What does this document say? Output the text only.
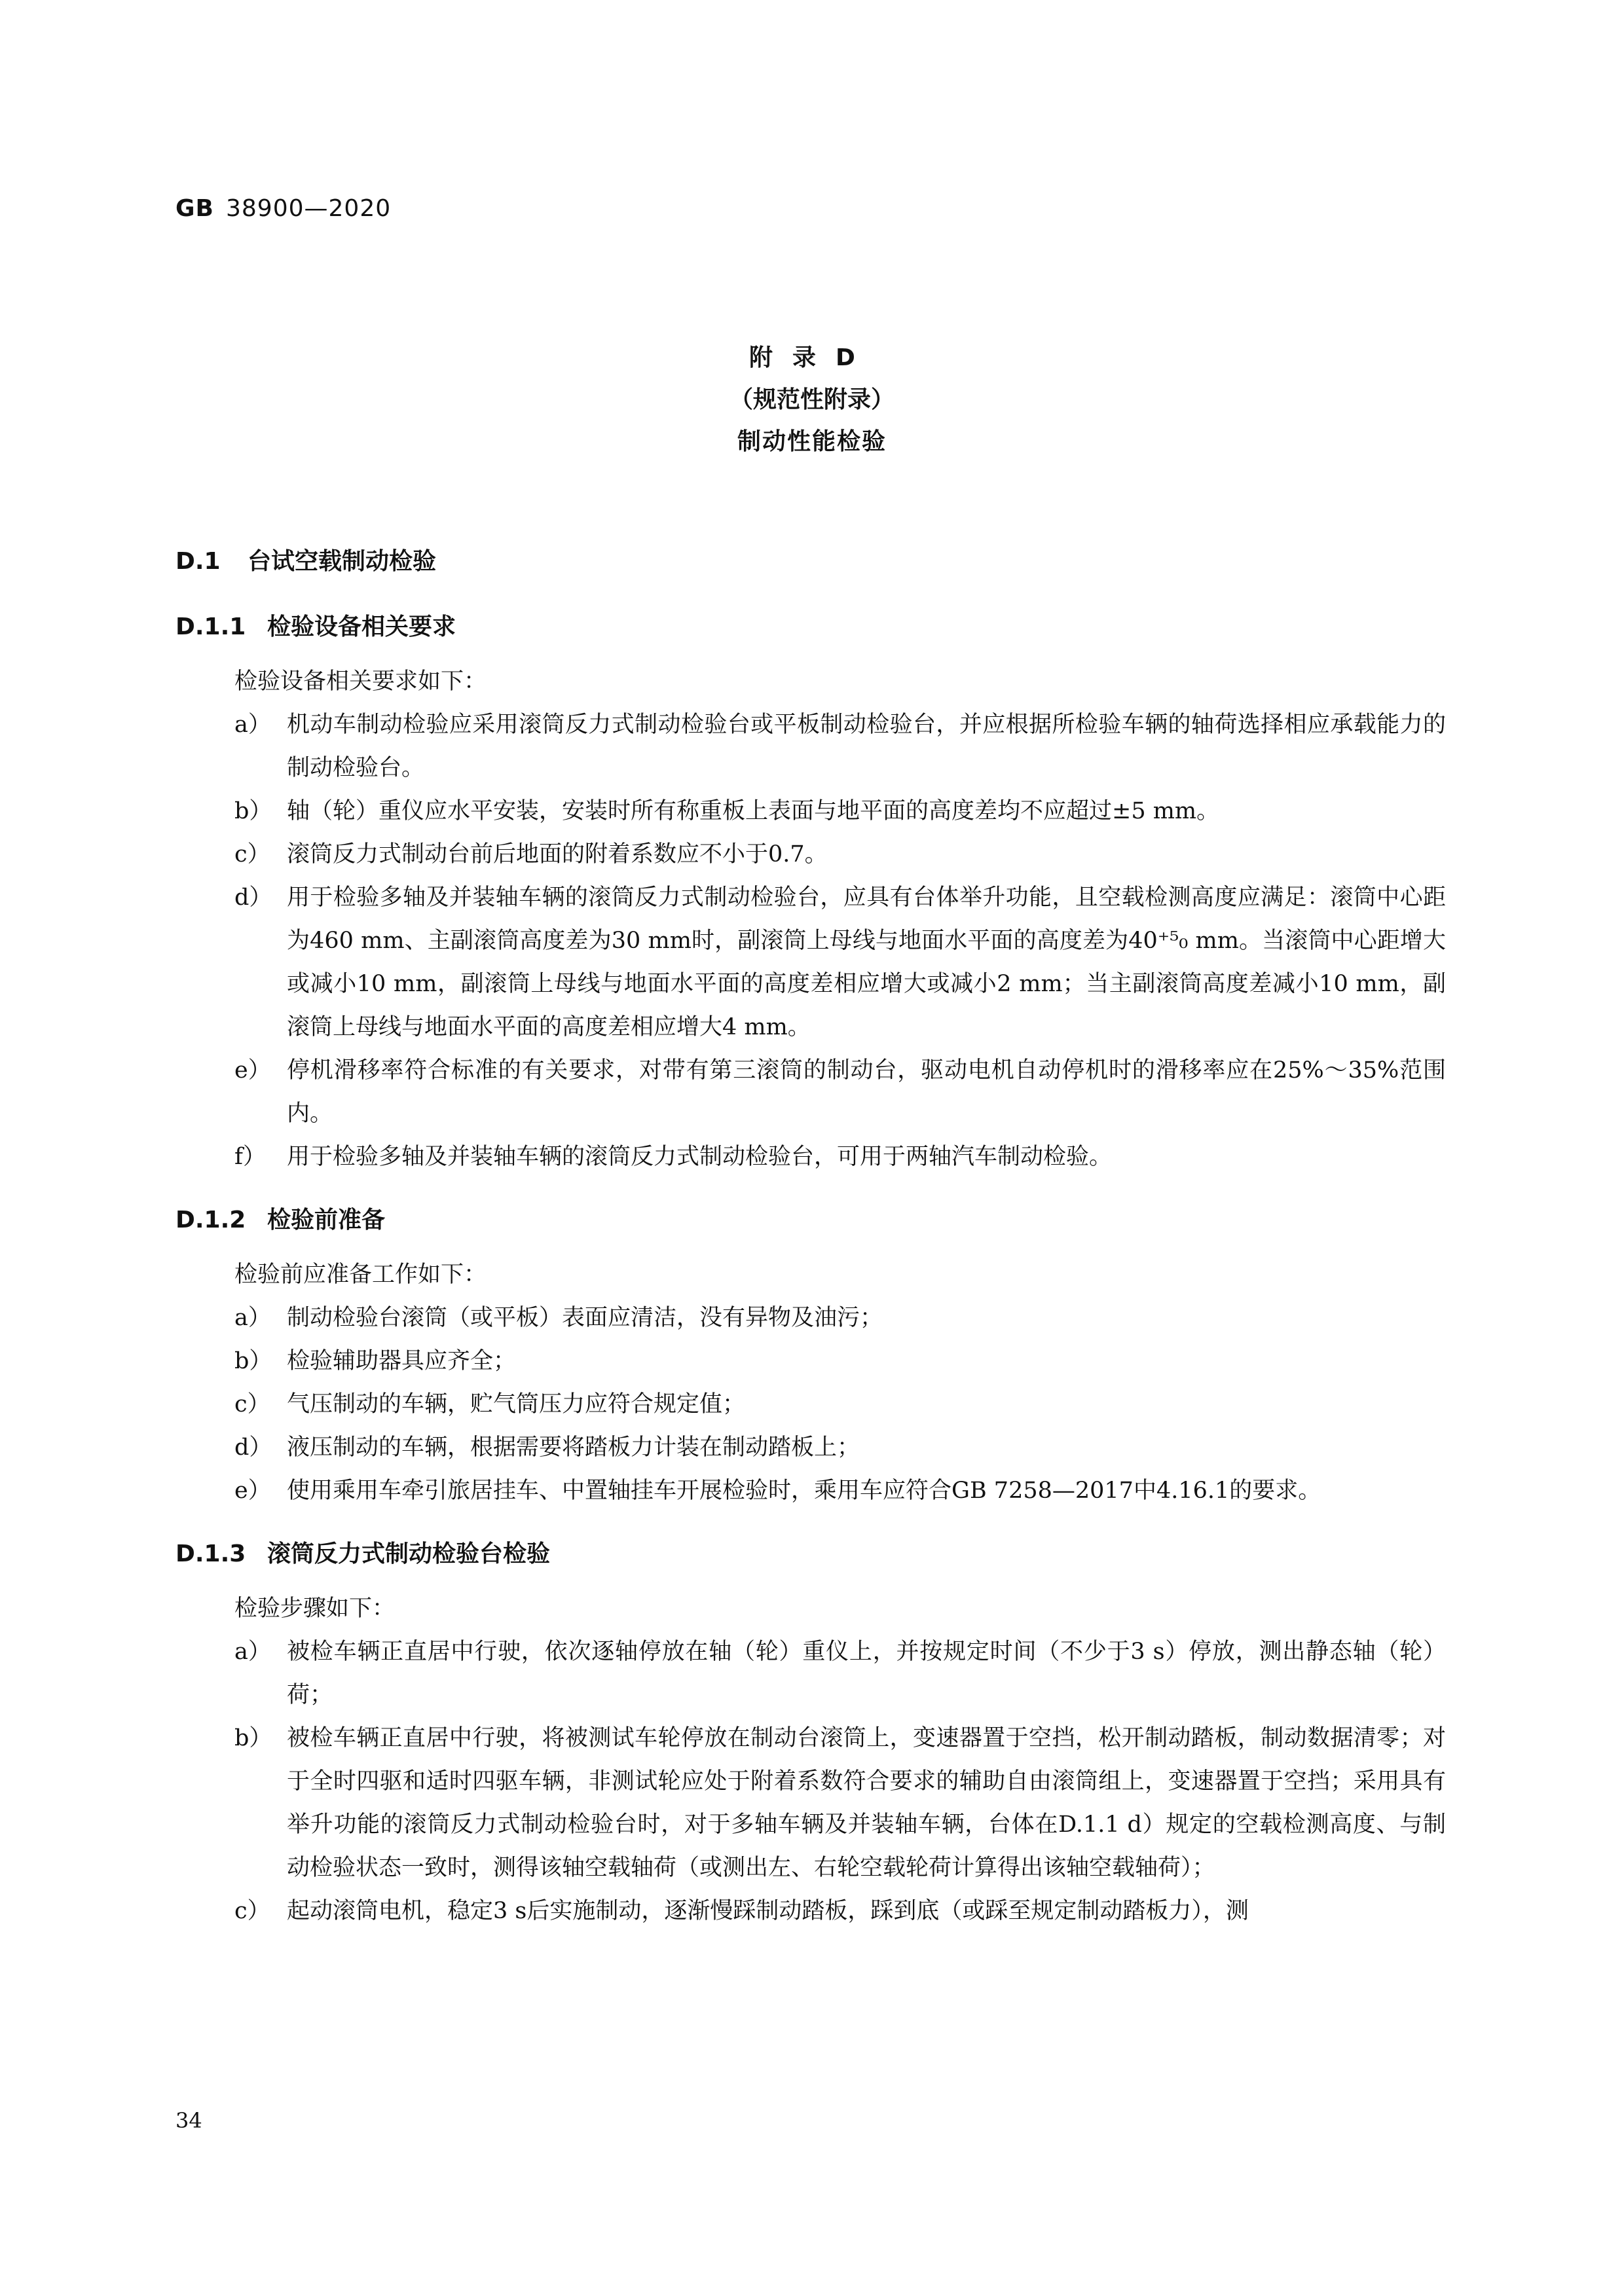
GB 38900—2020
附录D
（规范性附录）
制动性能检验
D.1 台试空载制动检验
D.1.1 检验设备相关要求
检验设备相关要求如下：
a） 机动车制动检验应采用滚筒反力式制动检验台或平板制动检验台，并应根据所检验车辆的轴荷选择相应承载能力的制动检验台。
b） 轴（轮）重仪应水平安装，安装时所有称重板上表面与地平面的高度差均不应超过±5 mm。
c） 滚筒反力式制动台前后地面的附着系数应不小于0.7。
d） 用于检验多轴及并装轴车辆的滚筒反力式制动检验台，应具有台体举升功能，且空载检测高度应满足：滚筒中心距为460 mm、主副滚筒高度差为30 mm时，副滚筒上母线与地面水平面的高度差为40⁺⁵₀ mm。当滚筒中心距增大或减小10 mm，副滚筒上母线与地面水平面的高度差相应增大或减小2 mm；当主副滚筒高度差减小10 mm，副滚筒上母线与地面水平面的高度差相应增大4 mm。
e） 停机滑移率符合标准的有关要求，对带有第三滚筒的制动台，驱动电机自动停机时的滑移率应在25%～35%范围内。
f） 用于检验多轴及并装轴车辆的滚筒反力式制动检验台，可用于两轴汽车制动检验。
D.1.2 检验前准备
检验前应准备工作如下：
a） 制动检验台滚筒（或平板）表面应清洁，没有异物及油污；
b） 检验辅助器具应齐全；
c） 气压制动的车辆，贮气筒压力应符合规定值；
d） 液压制动的车辆，根据需要将踏板力计装在制动踏板上；
e） 使用乘用车牵引旅居挂车、中置轴挂车开展检验时，乘用车应符合GB 7258—2017中4.16.1的要求。
D.1.3 滚筒反力式制动检验台检验
检验步骤如下：
a） 被检车辆正直居中行驶，依次逐轴停放在轴（轮）重仪上，并按规定时间（不少于3 s）停放，测出静态轴（轮）荷；
b） 被检车辆正直居中行驶，将被测试车轮停放在制动台滚筒上，变速器置于空挡，松开制动踏板，制动数据清零；对于全时四驱和适时四驱车辆，非测试轮应处于附着系数符合要求的辅助自由滚筒组上，变速器置于空挡；采用具有举升功能的滚筒反力式制动检验台时，对于多轴车辆及并装轴车辆，台体在D.1.1 d）规定的空载检测高度、与制动检验状态一致时，测得该轴空载轴荷（或测出左、右轮空载轮荷计算得出该轴空载轴荷）；
c） 起动滚筒电机，稳定3 s后实施制动，逐渐慢踩制动踏板，踩到底（或踩至规定制动踏板力），测
34
